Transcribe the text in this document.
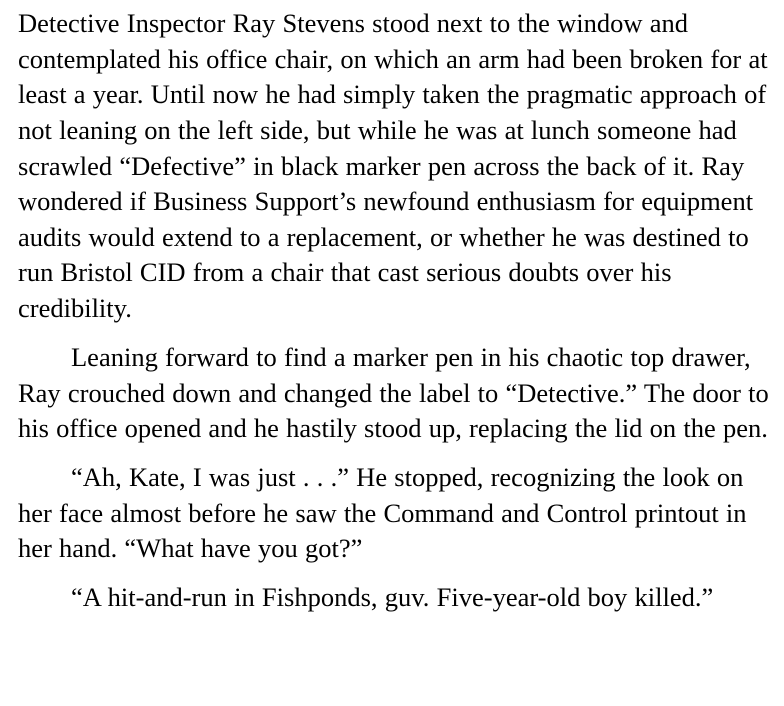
Detective Inspector Ray Stevens stood next to the window and contemplated his office chair, on which an arm had been broken for at least a year. Until now he had simply taken the pragmatic approach of not leaning on the left side, but while he was at lunch someone had scrawled “Defective” in black marker pen across the back of it. Ray wondered if Business Support’s newfound enthusiasm for equipment audits would extend to a replacement, or whether he was destined to run Bristol CID from a chair that cast serious doubts over his credibility.

Leaning forward to find a marker pen in his chaotic top drawer, Ray crouched down and changed the label to “Detective.” The door to his office opened and he hastily stood up, replacing the lid on the pen.

“Ah, Kate, I was just . . .” He stopped, recognizing the look on her face almost before he saw the Command and Control printout in her hand. “What have you got?”

“A hit-and-run in Fishponds, guv. Five-year-old boy killed.”
